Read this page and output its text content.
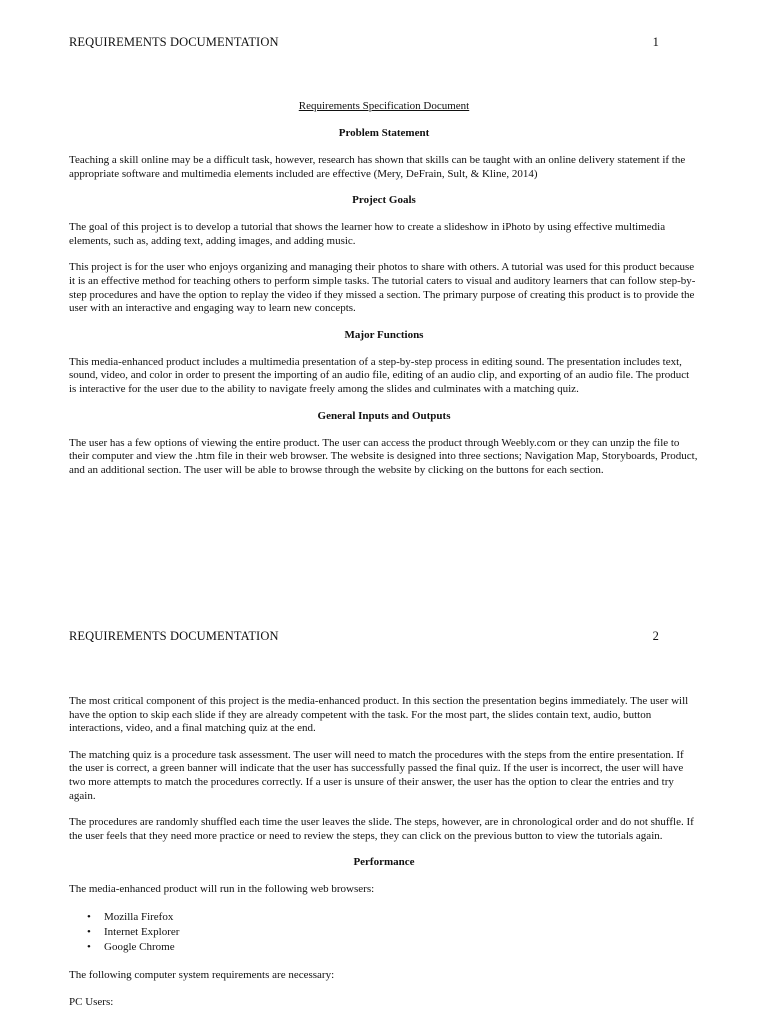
REQUIREMENTS DOCUMENTATION	1
Requirements Specification Document
Problem Statement

Teaching a skill online may be a difficult task, however, research has shown that skills can be taught with an online delivery statement if the appropriate software and multimedia elements included are effective (Mery, DeFrain, Sult, & Kline, 2014)

Project Goals

The goal of this project is to develop a tutorial that shows the learner how to create a slideshow in iPhoto by using effective multimedia elements, such as, adding text, adding images, and adding music.

This project is for the user who enjoys organizing and managing their photos to share with others. A tutorial was used for this product because it is an effective method for teaching others to perform simple tasks. The tutorial caters to visual and auditory learners that can follow step-by-step procedures and have the option to replay the video if they missed a section. The primary purpose of creating this product is to provide the user with an interactive and engaging way to learn new concepts.

Major Functions

This media-enhanced product includes a multimedia presentation of a step-by-step process in editing sound. The presentation includes text, sound, video, and color in order to present the importing of an audio file, editing of an audio clip, and exporting of an audio file. The product is interactive for the user due to the ability to navigate freely among the slides and culminates with a matching quiz.

General Inputs and Outputs

The user has a few options of viewing the entire product. The user can access the product through Weebly.com or they can unzip the file to their computer and view the .htm file in their web browser. The website is designed into three sections; Navigation Map, Storyboards, Product, and an additional section. The user will be able to browse through the website by clicking on the buttons for each section.

REQUIREMENTS DOCUMENTATION	2

The most critical component of this project is the media-enhanced product. In this section the presentation begins immediately. The user will have the option to skip each slide if they are already competent with the task. For the most part, the slides contain text, audio, button interactions, video, and a final matching quiz at the end.

The matching quiz is a procedure task assessment. The user will need to match the procedures with the steps from the entire presentation. If the user is correct, a green banner will indicate that the user has successfully passed the final quiz. If the user is incorrect, the user will have two more attempts to match the procedures correctly. If a user is unsure of their answer, the user has the option to clear the entries and try again.

The procedures are randomly shuffled each time the user leaves the slide. The steps, however, are in chronological order and do not shuffle. If the user feels that they need more practice or need to review the steps, they can click on the previous button to view the tutorials again.

Performance

The media-enhanced product will run in the following web browsers:

• Mozilla Firefox
• Internet Explorer
• Google Chrome

The following computer system requirements are necessary:

PC Users:
